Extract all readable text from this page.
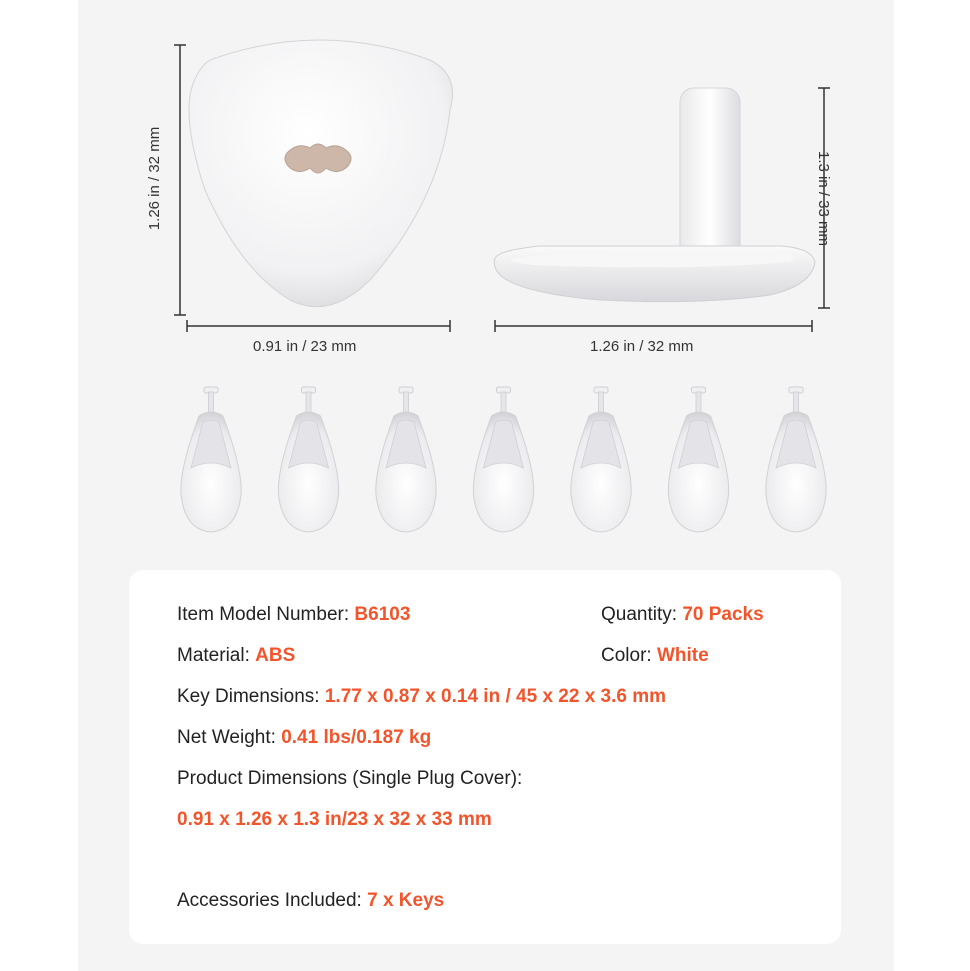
1.26 in / 32 mm
0.91 in / 23 mm
1.3 in / 33 mm
1.26 in / 32 mm
Item Model Number: B6103	Quantity: 70 Packs
Material: ABS	Color: White
Key Dimensions: 1.77 x 0.87 x 0.14 in / 45 x 22 x 3.6 mm
Net Weight: 0.41 lbs/0.187 kg
Product Dimensions (Single Plug Cover):
0.91 x 1.26 x 1.3 in/23 x 32 x 33 mm
Accessories Included: 7 x Keys
